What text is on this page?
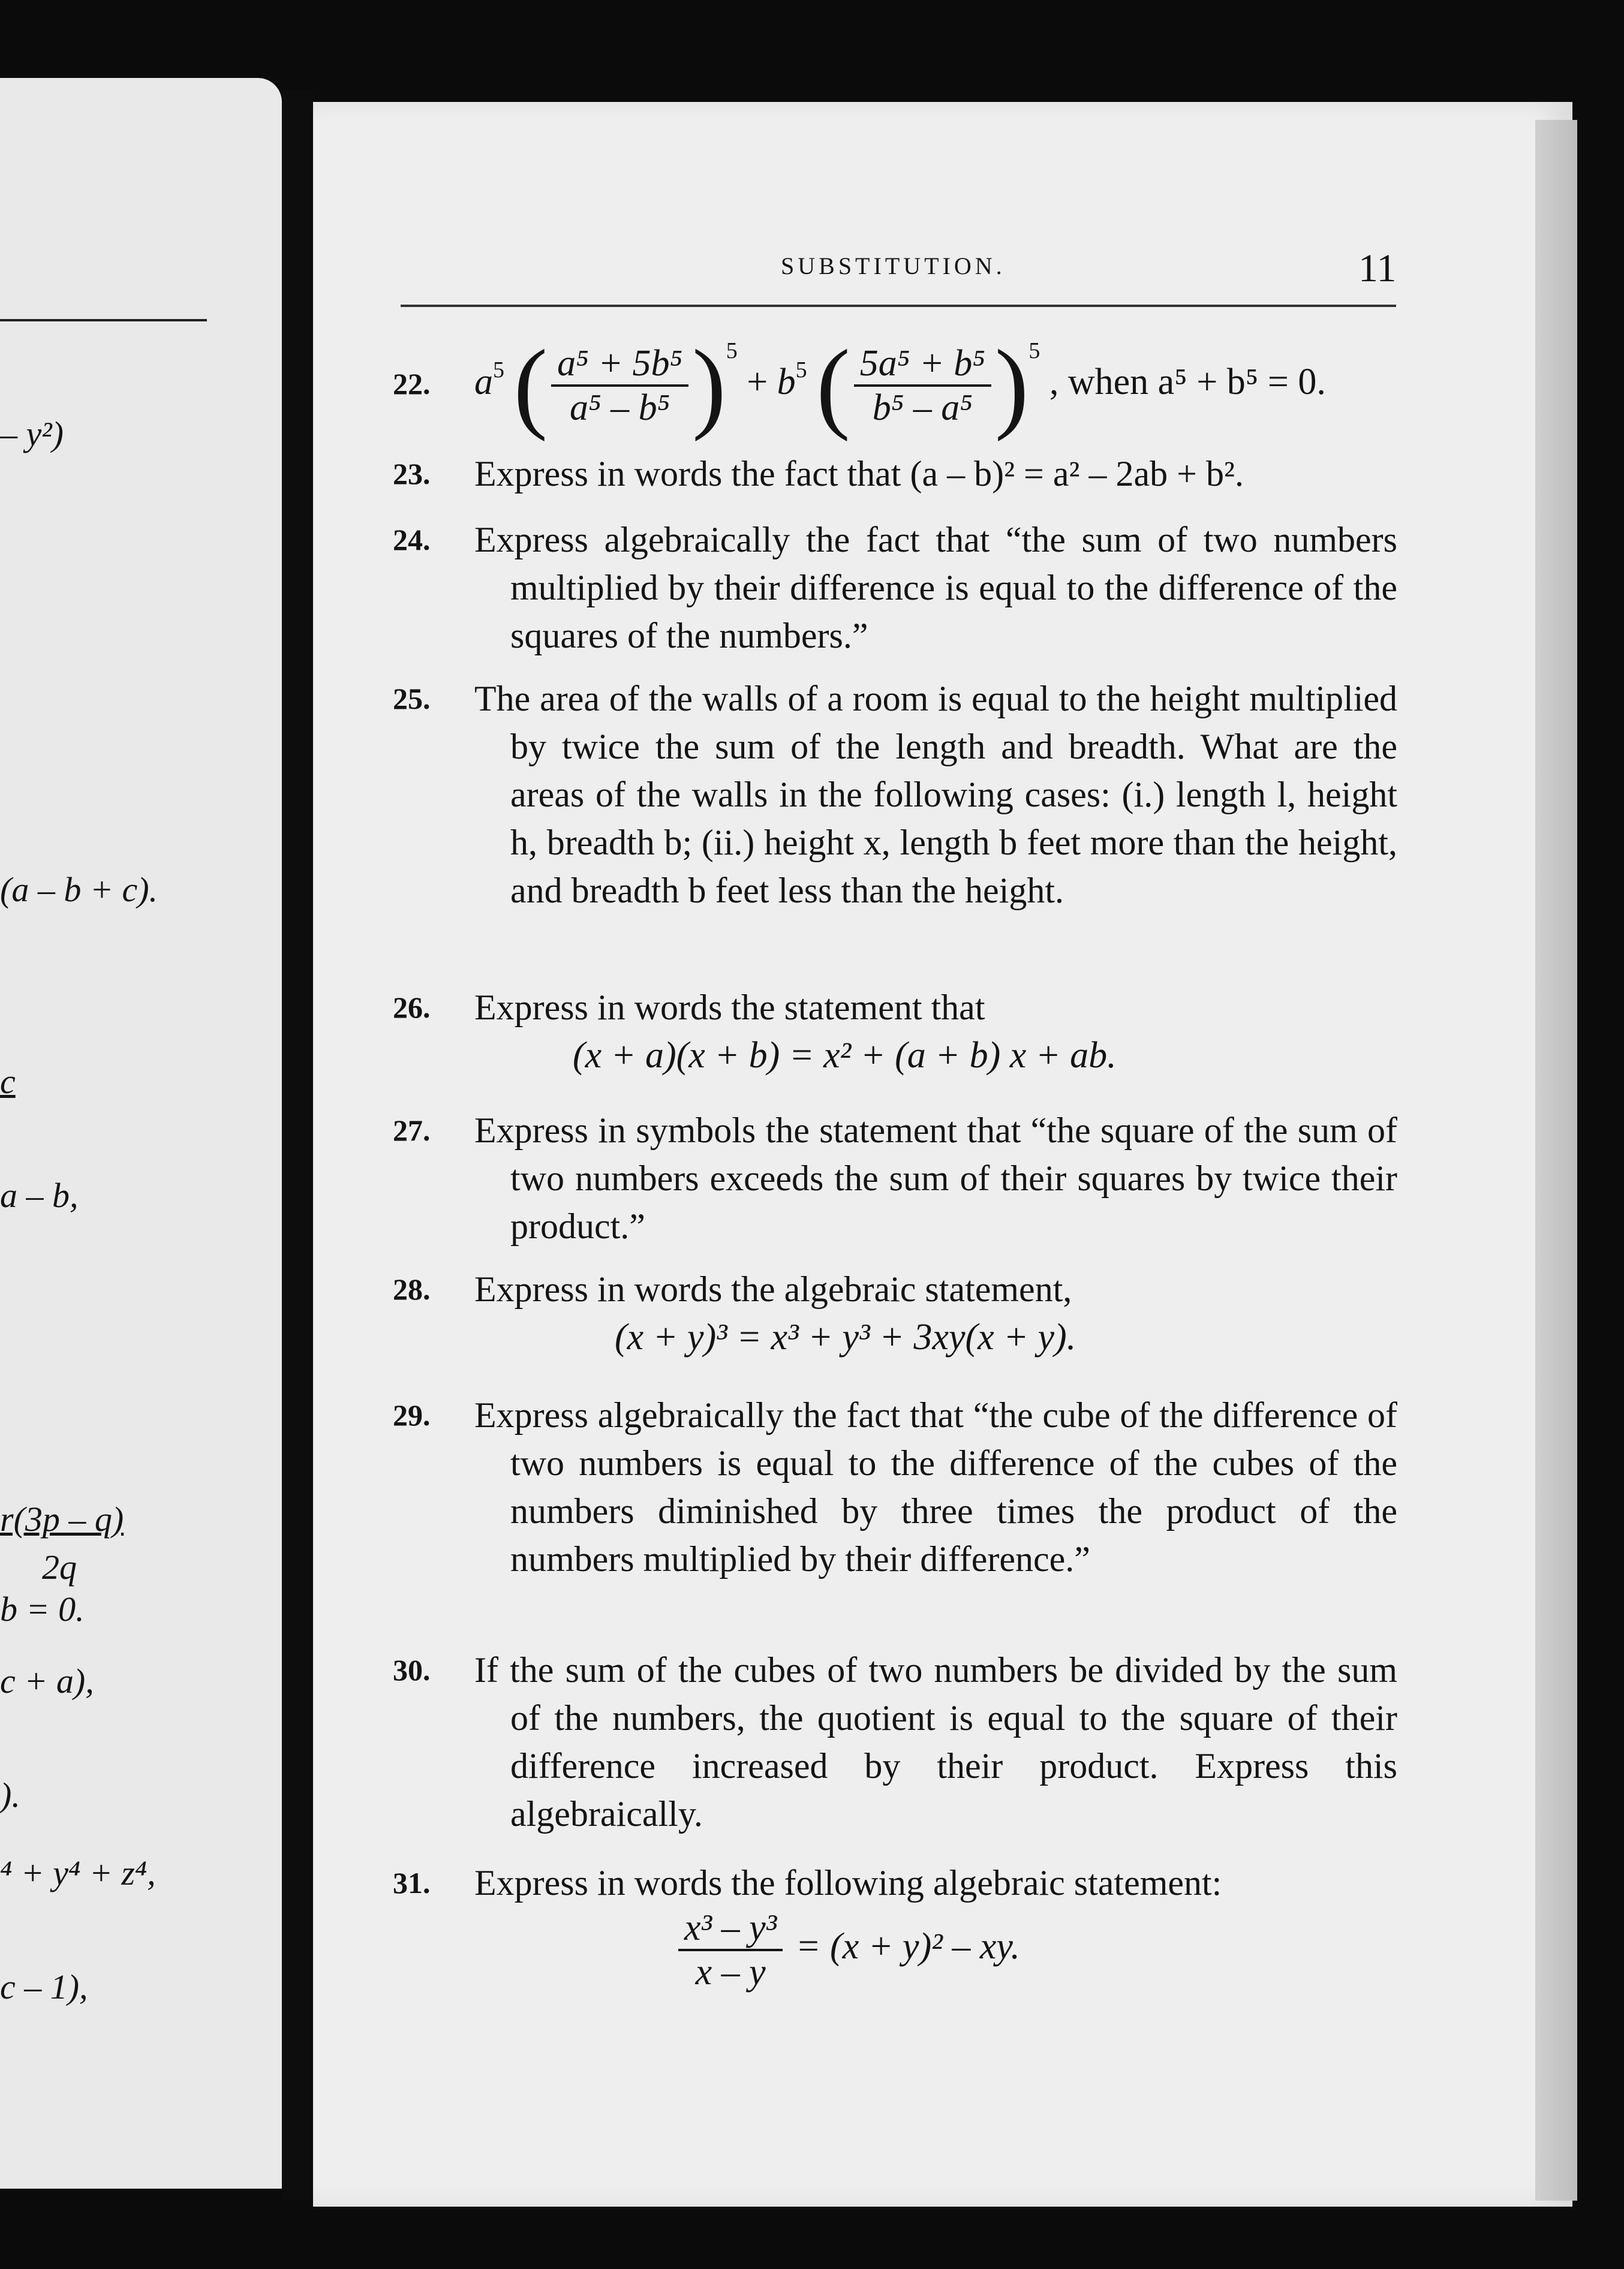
– y²)
(a – b + c).
c
a – b,
r(3p – q)
2q
b = 0.
c + a),
).
⁴ + y⁴ + z⁴,
c – 1),
SUBSTITUTION.	11
22. $a^5$ ( $\frac{\text{a⁵ + 5b⁵}}{\text{a⁵ – b⁵}} )^5 + b^5$ ( $\frac{\text{5a⁵ + b⁵}}{\text{b⁵ – a⁵}} )^5$ , when a⁵ + b⁵ = 0.
23. Express in words the fact that (a – b)² = a² – 2ab + b².
24. Express algebraically the fact that “the sum of two numbers multiplied by their difference is equal to the difference of the squares of the numbers.”
25. The area of the walls of a room is equal to the height multiplied by twice the sum of the length and breadth. What are the areas of the walls in the following cases: (i.) length l, height h, breadth b; (ii.) height x, length b feet more than the height, and breadth b feet less than the height.
26. Express in words the statement that
(x + a)(x + b) = x² + (a + b) x + ab.
27. Express in symbols the statement that “the square of the sum of two numbers exceeds the sum of their squares by twice their product.”
28. Express in words the algebraic statement,
(x + y)³ = x³ + y³ + 3xy(x + y).
29. Express algebraically the fact that “the cube of the difference of two numbers is equal to the difference of the cubes of the numbers diminished by three times the product of the numbers multiplied by their difference.”
30. If the sum of the cubes of two numbers be divided by the sum of the numbers, the quotient is equal to the square of their difference increased by their product. Express this algebraically.
31. Express in words the following algebraic statement:
$\frac{\text{x³ – y³}}{x - y} = (x + y)^2$ – xy.
